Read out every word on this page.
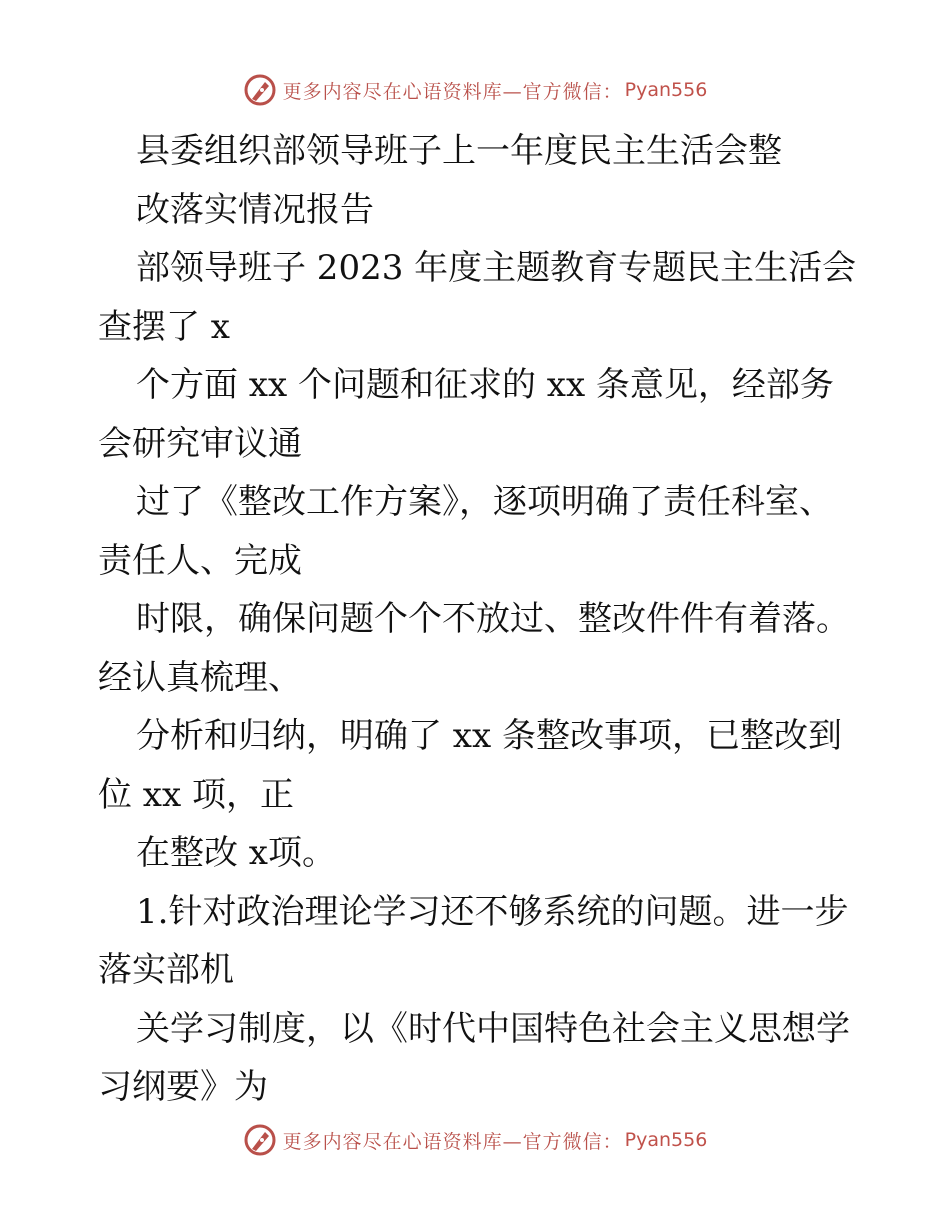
更多内容尽在心语资料库—官方微信： Pyan556
县委组织部领导班子上一年度民主生活会整
改落实情况报告
部领导班子 2023 年度主题教育专题民主生活会
查摆了 x
个方面 xx 个问题和征求的 xx 条意见，经部务
会研究审议通
过了《整改工作方案》，逐项明确了责任科室、
责任人、完成
时限，确保问题个个不放过、整改件件有着落。
经认真梳理、
分析和归纳，明确了 xx 条整改事项，已整改到
位 xx 项，正
在整改 x项。
1.针对政治理论学习还不够系统的问题。进一步
落实部机
关学习制度，以《时代中国特色社会主义思想学
习纲要》为
更多内容尽在心语资料库—官方微信： Pyan556
